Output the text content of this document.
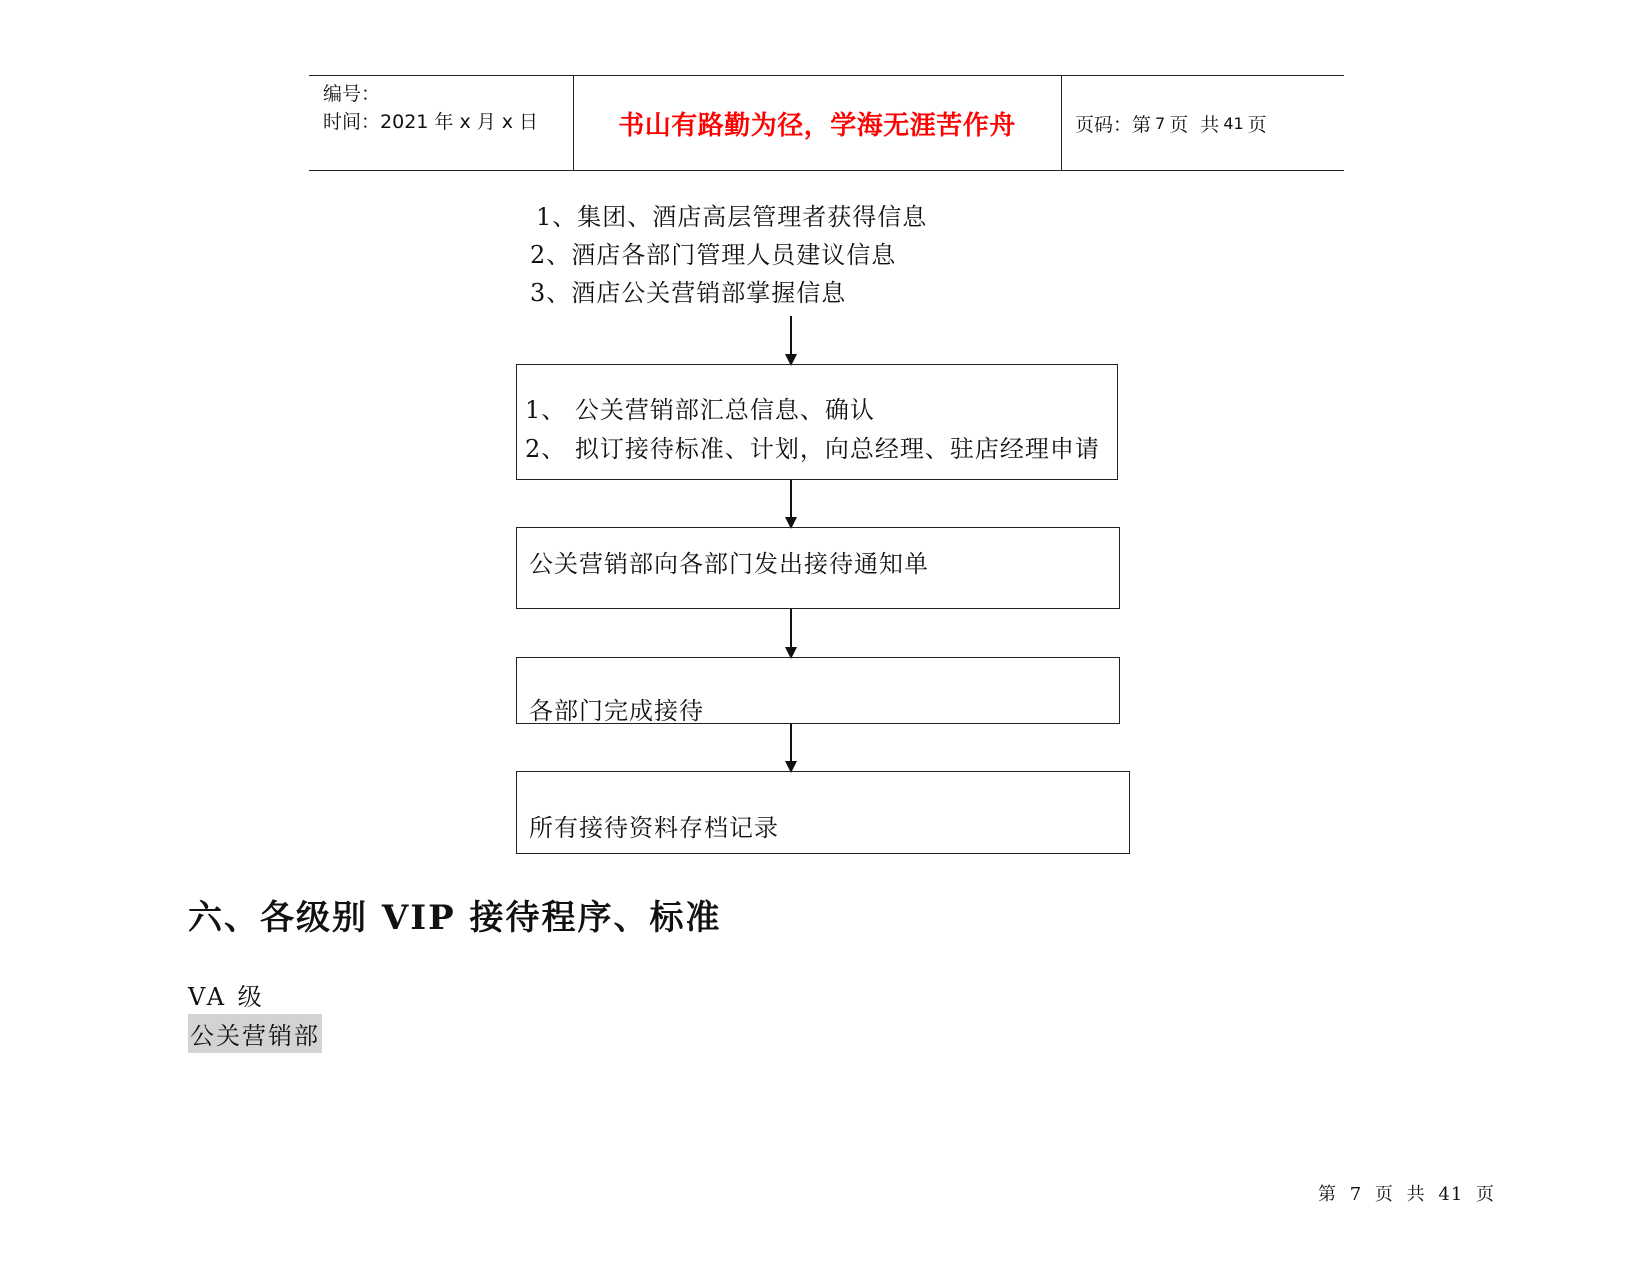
编号：
时间：2021 年 x 月 x 日	书山有路勤为径，学海无涯苦作舟	页码： 第 7 页  共 41 页
1、集团、酒店高层管理者获得信息
2、酒店各部门管理人员建议信息
3、酒店公关营销部掌握信息
1、 公关营销部汇总信息、确认
2、 拟订接待标准、计划，向总经理、驻店经理申请
公关营销部向各部门发出接待通知单
各部门完成接待
所有接待资料存档记录
六、各级别 VIP 接待程序、标准
VA 级
公关营销部
第 7 页 共 41 页
